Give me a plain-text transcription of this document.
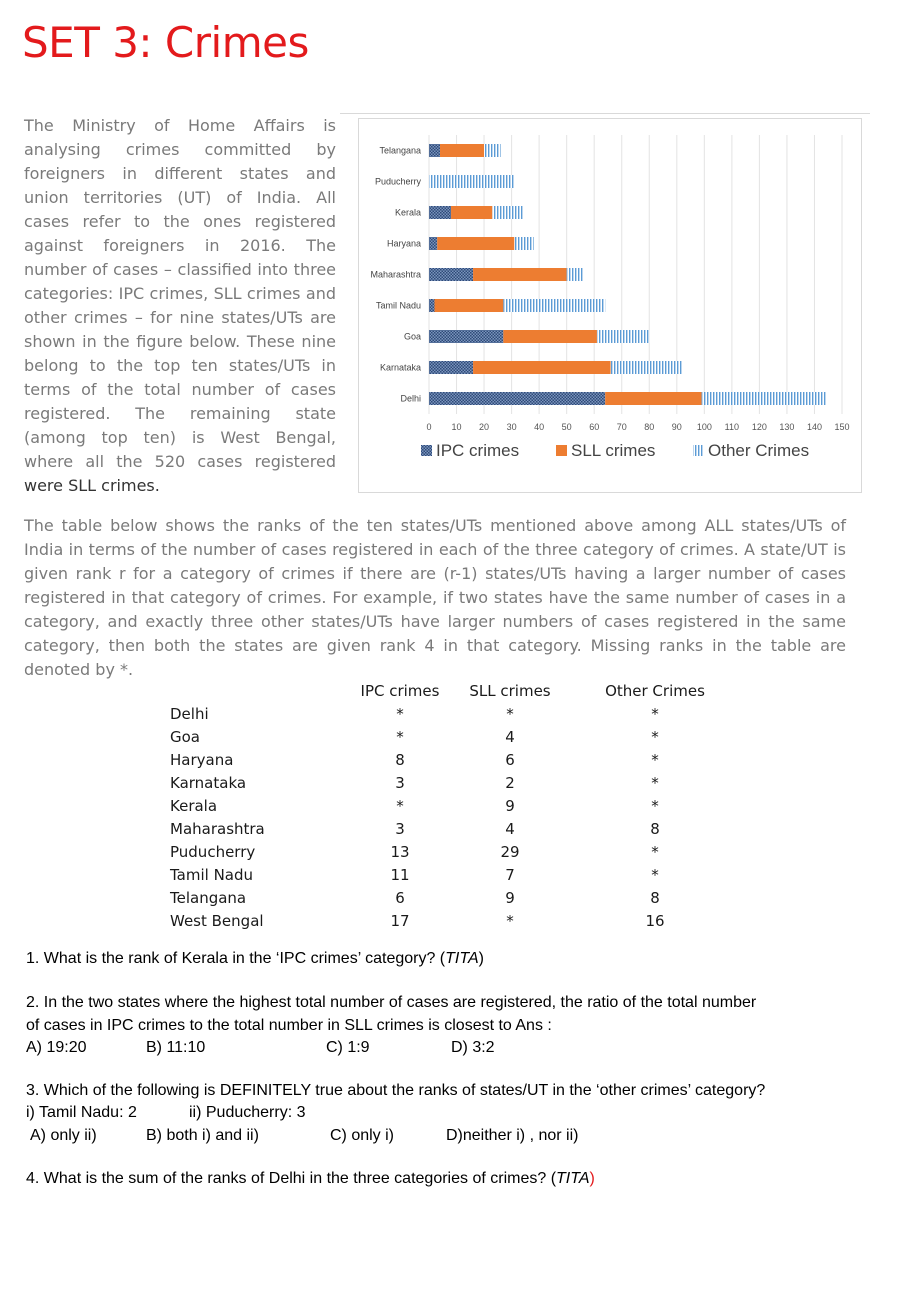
SET 3: Crimes

The Ministry of Home Affairs is analysing crimes committed by foreigners in different states and union territories (UT) of India. All cases refer to the ones registered against foreigners in 2016. The number of cases – classified into three categories: IPC crimes, SLL crimes and other crimes – for nine states/UTs are shown in the figure below. These nine belong to the top ten states/UTs in terms of the total number of cases registered. The remaining state (among top ten) is West Bengal, where all the 520 cases registered were SLL crimes.

Telangana
Puducherry
Kerala
Haryana
Maharashtra
Tamil Nadu
Goa
Karnataka
Delhi
0 10 20 30 40 50 60 70 80 90 100 110 120 130 140 150
IPC crimes	SLL crimes	Other Crimes

The table below shows the ranks of the ten states/UTs mentioned above among ALL states/UTs of India in terms of the number of cases registered in each of the three category of crimes. A state/UT is given rank r for a category of crimes if there are (r-1) states/UTs having a larger number of cases registered in that category of crimes. For example, if two states have the same number of cases in a category, and exactly three other states/UTs have larger numbers of cases registered in the same category, then both the states are given rank 4 in that category. Missing ranks in the table are denoted by *.

	IPC crimes	SLL crimes	Other Crimes
Delhi	*	*	*
Goa	*	4	*
Haryana	8	6	*
Karnataka	3	2	*
Kerala	*	9	*
Maharashtra	3	4	8
Puducherry	13	29	*
Tamil Nadu	11	7	*
Telangana	6	9	8
West Bengal	17	*	16

1. What is the rank of Kerala in the ‘IPC crimes’ category? (TITA)

2. In the two states where the highest total number of cases are registered, the ratio of the total number

of cases in IPC crimes to the total number in SLL crimes is closest to Ans :

A) 19:20	B) 11:10	C) 1:9	D) 3:2

3. Which of the following is DEFINITELY true about the ranks of states/UT in the ‘other crimes’ category?

i) Tamil Nadu: 2	ii) Puducherry: 3
A) only ii)	B) both i) and ii)	C) only i)	D)neither i) , nor ii)

4. What is the sum of the ranks of Delhi in the three categories of crimes? (TITA)
